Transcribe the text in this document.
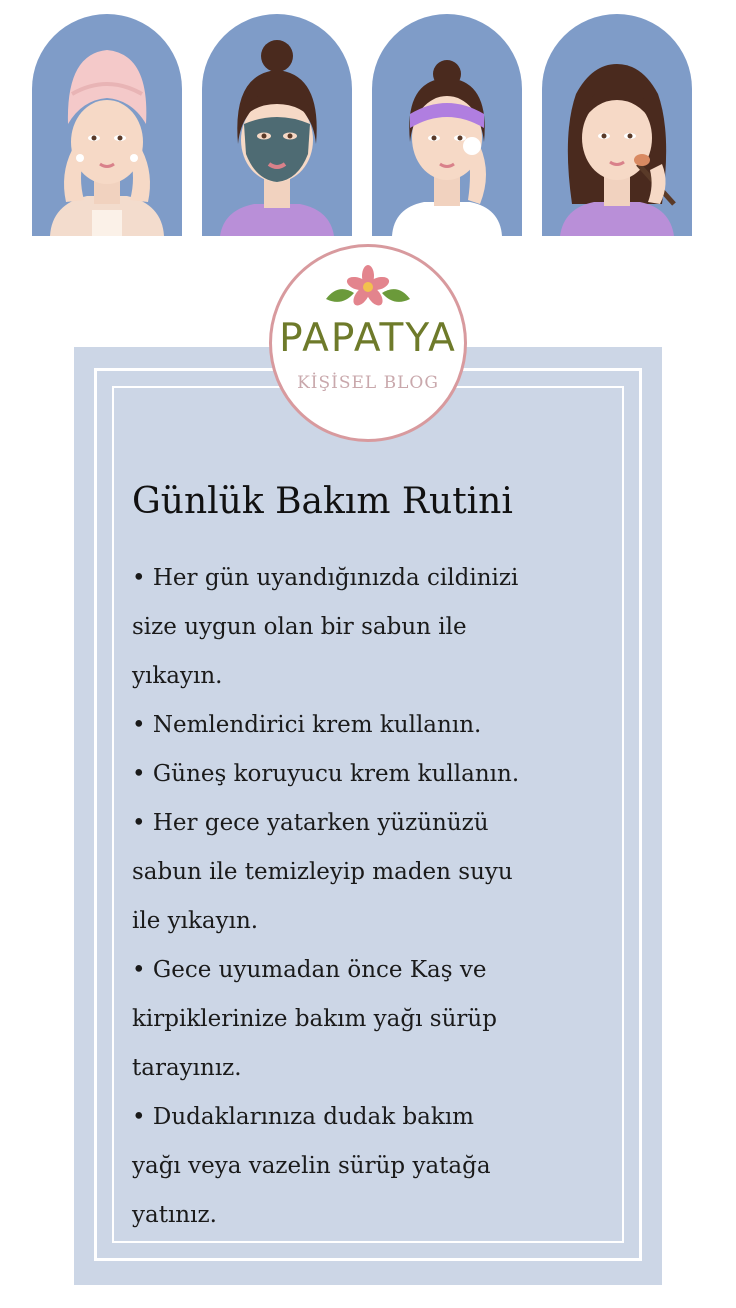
PAPATYA
KİŞİSEL BLOG
Günlük Bakım Rutini
• Her gün uyandığınızda cildinizi
size uygun olan bir sabun ile
yıkayın.
• Nemlendirici krem kullanın.
• Güneş koruyucu krem kullanın.
• Her gece yatarken yüzünüzü
sabun ile temizleyip maden suyu
ile yıkayın.
• Gece uyumadan önce Kaş ve
kirpiklerinize bakım yağı sürüp
tarayınız.
• Dudaklarınıza dudak bakım
yağı veya vazelin sürüp yatağa
yatınız.
